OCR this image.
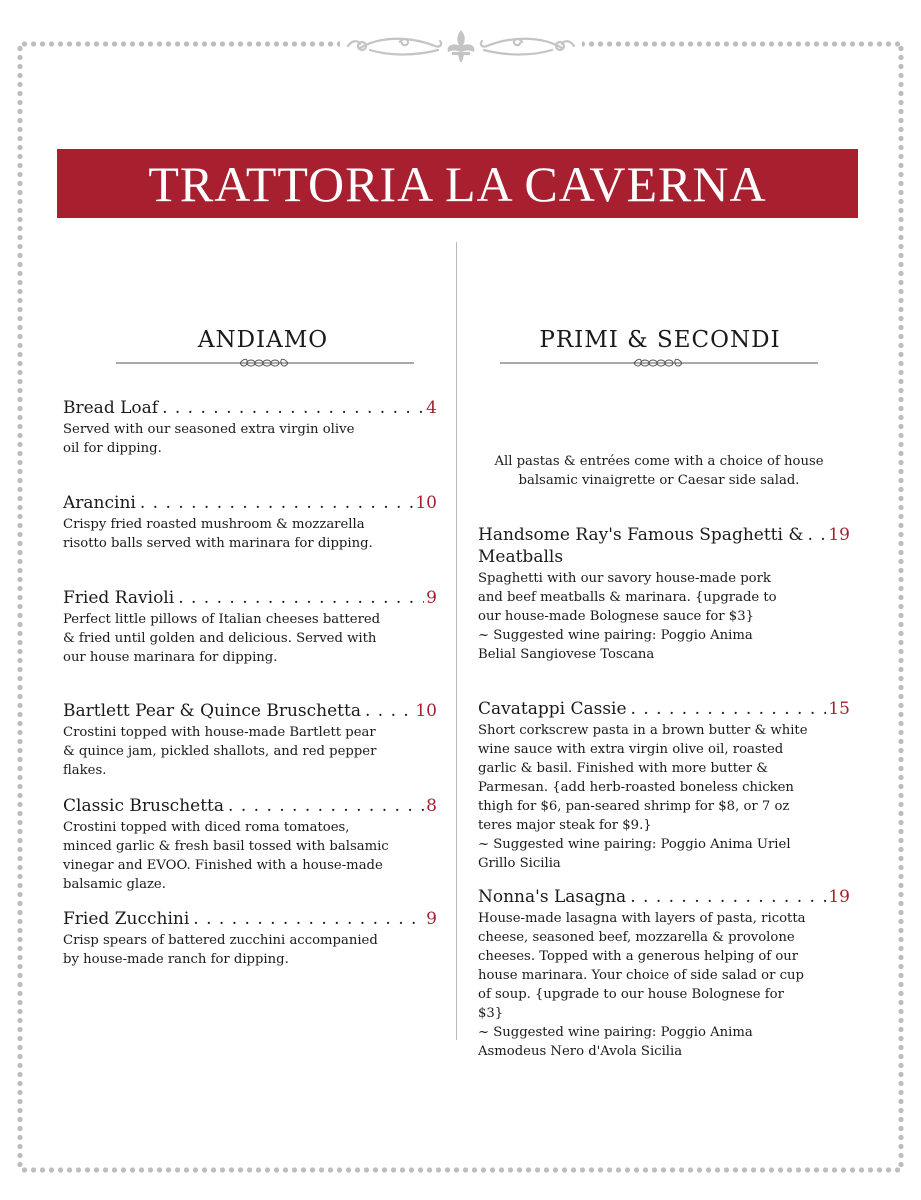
TRATTORIA LA CAVERNA
ANDIAMO
Bread Loaf . . .	4
Served with our seasoned extra virgin olive oil for dipping.
Arancini . . .	10
Crispy fried roasted mushroom & mozzarella risotto balls served with marinara for dipping.
Fried Ravioli . . .	9
Perfect little pillows of Italian cheeses battered & fried until golden and delicious. Served with our house marinara for dipping.
Bartlett Pear & Quince Bruschetta . . .	10
Crostini topped with house-made Bartlett pear & quince jam, pickled shallots, and red pepper flakes.
Classic Bruschetta . . .	8
Crostini topped with diced roma tomatoes, minced garlic & fresh basil tossed with balsamic vinegar and EVOO. Finished with a house-made balsamic glaze.
Fried Zucchini . . .	9
Crisp spears of battered zucchini accompanied by house-made ranch for dipping.
PRIMI & SECONDI
All pastas & entrées come with a choice of house balsamic vinaigrette or Caesar side salad.
Handsome Ray's Famous Spaghetti & . . . 19
Meatballs
Spaghetti with our savory house-made pork and beef meatballs & marinara. {upgrade to our house-made Bolognese sauce for $3}
~ Suggested wine pairing: Poggio Anima Belial Sangiovese Toscana
Cavatappi Cassie . . .	15
Short corkscrew pasta in a brown butter & white wine sauce with extra virgin olive oil, roasted garlic & basil. Finished with more butter & Parmesan. {add herb-roasted boneless chicken thigh for $6, pan-seared shrimp for $8, or 7 oz teres major steak for $9.}
~ Suggested wine pairing: Poggio Anima Uriel Grillo Sicilia
Nonna's Lasagna . . .	19
House-made lasagna with layers of pasta, ricotta cheese, seasoned beef, mozzarella & provolone cheeses. Topped with a generous helping of our house marinara. Your choice of side salad or cup of soup. {upgrade to our house Bolognese for $3}
~ Suggested wine pairing: Poggio Anima Asmodeus Nero d'Avola Sicilia
